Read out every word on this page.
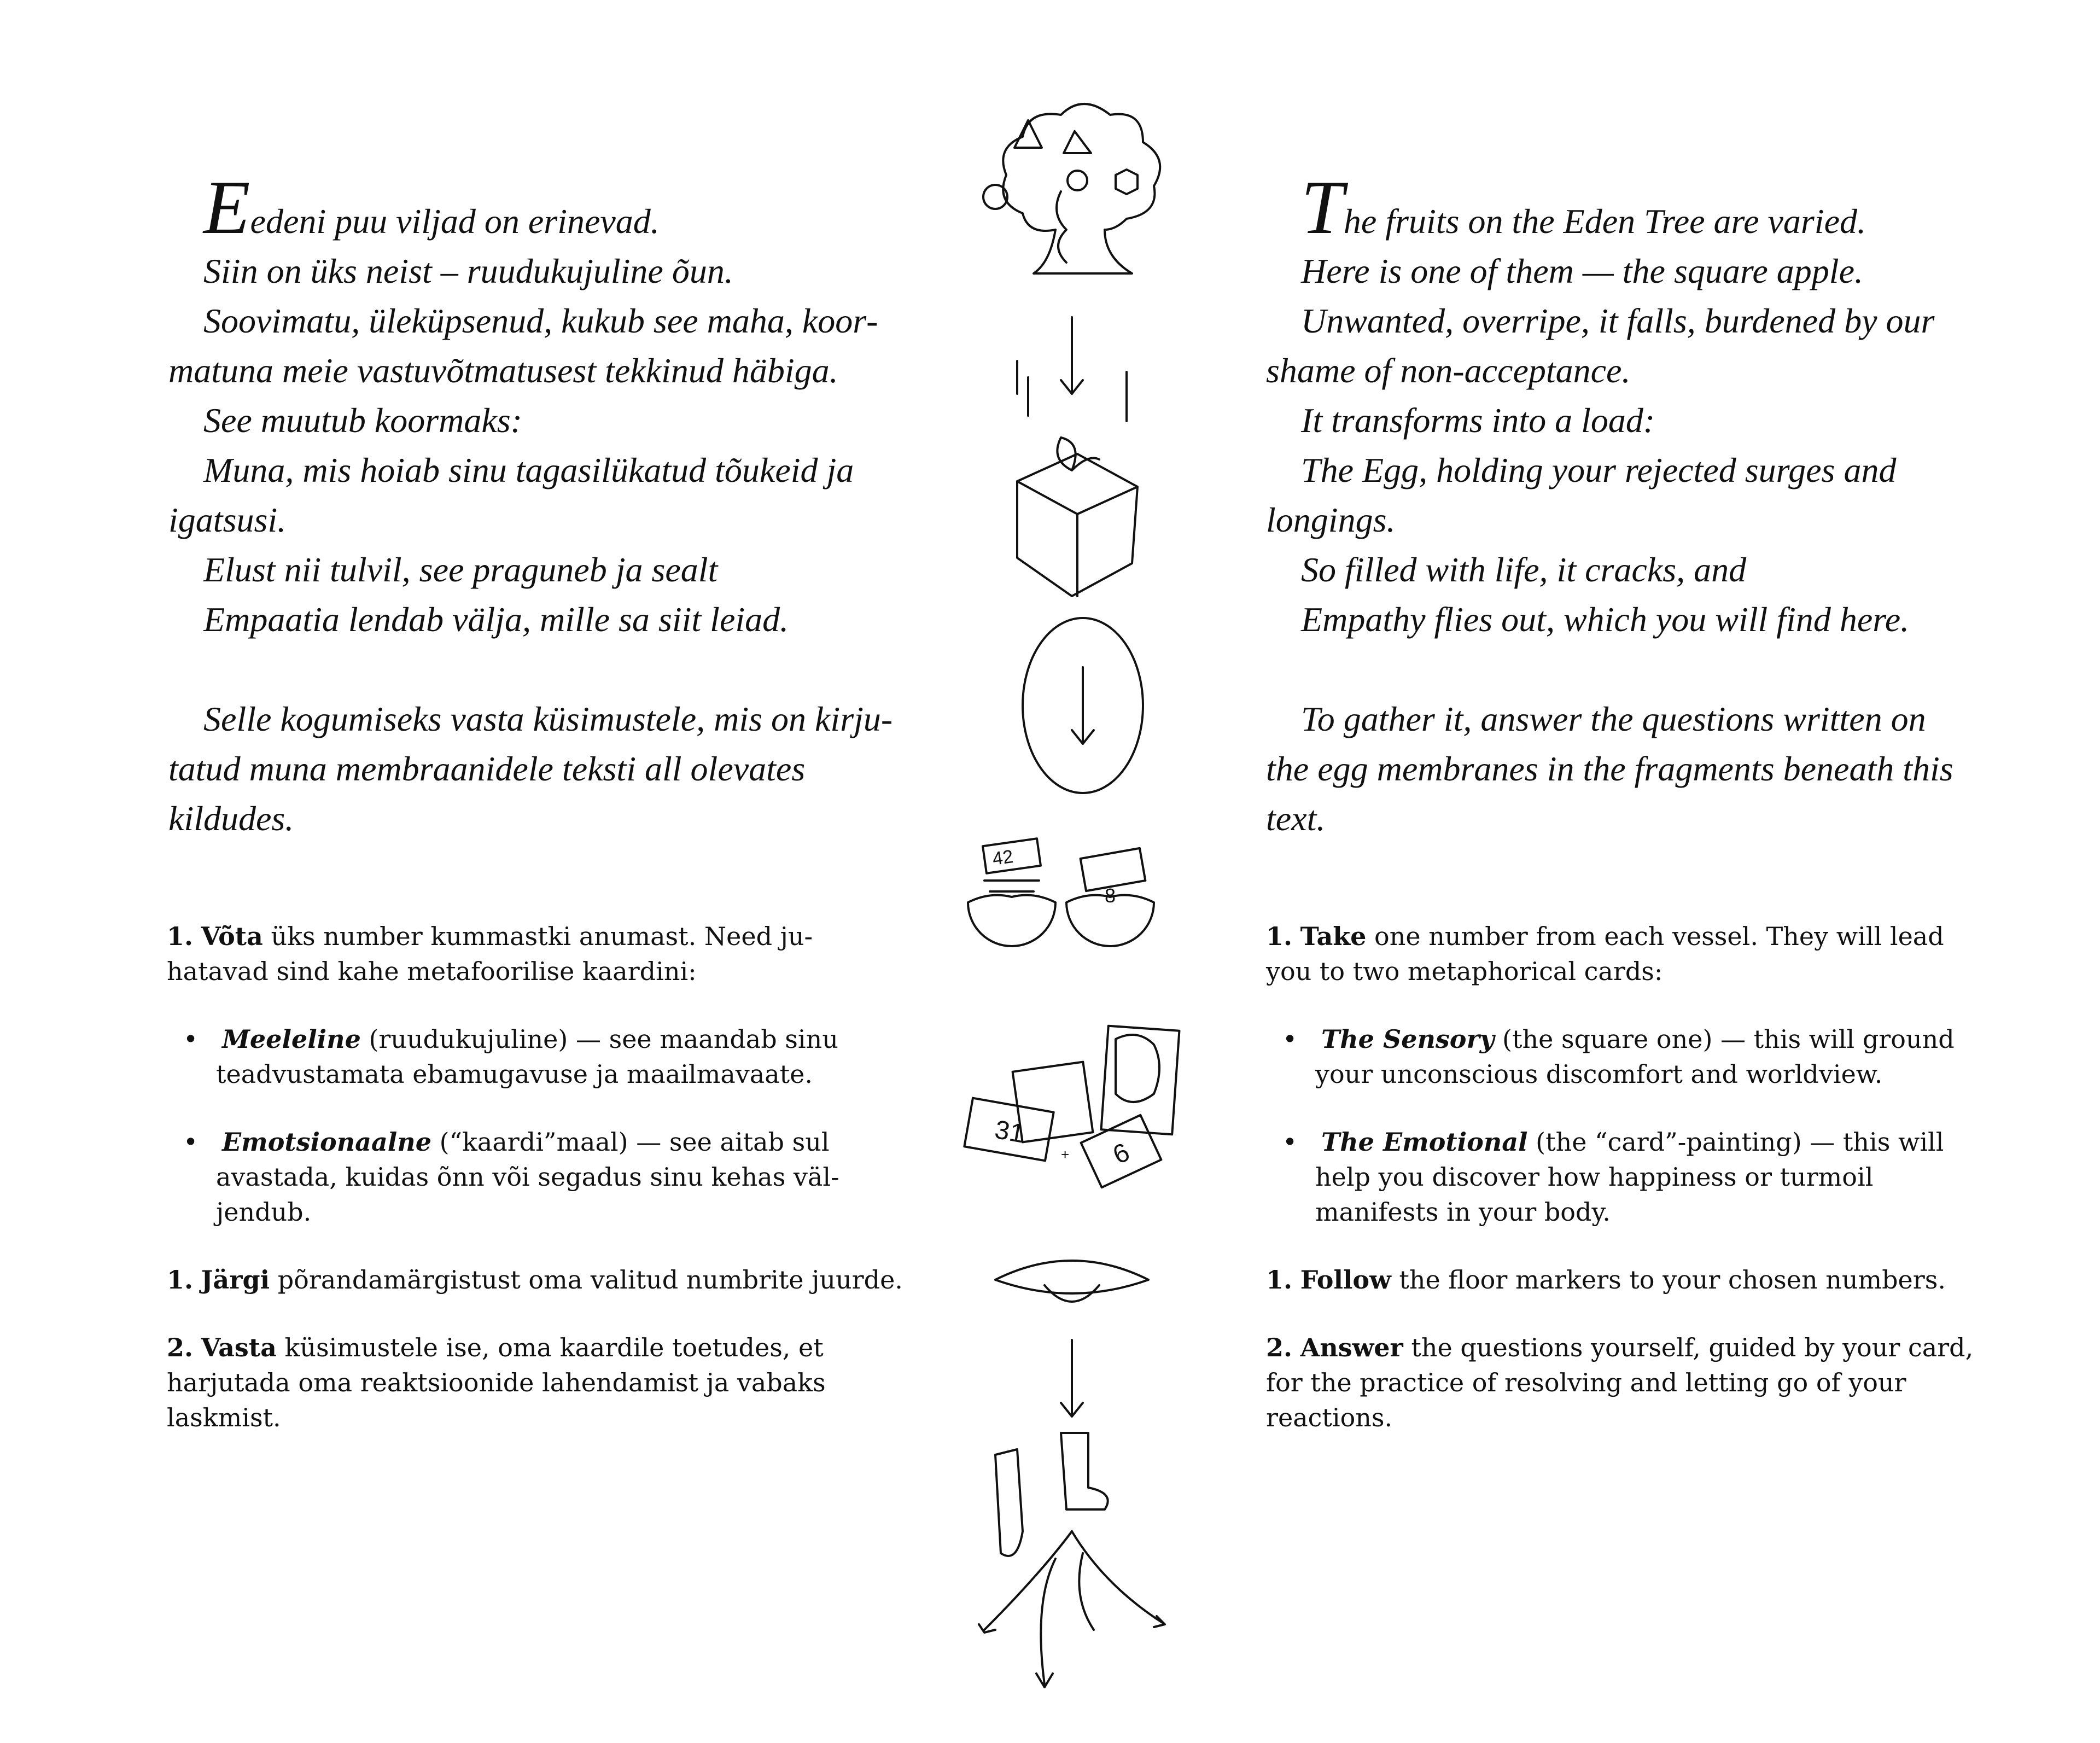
Eedeni puu viljad on erinevad.

Siin on üks neist – ruudukujuline õun.

Soovimatu, üleküpsenud, kukub see maha, koormatuna meie vastuvõtmatusest tekkinud häbiga.

See muutub koormaks:

Muna, mis hoiab sinu tagasilükatud tõukeid ja igatsusi.

Elust nii tulvil, see praguneb ja sealt

Empaatia lendab välja, mille sa siit leiad.

Selle kogumiseks vasta küsimustele, mis on kirjutatud muna membraanidele teksti all olevates kildudes.

1. Võta üks number kummastki anumast. Need juhatavad sind kahe metafoorilise kaardini:

•   Meeleline (ruudukujuline) — see maandab sinu teadvustamata ebamugavuse ja maailmavaate.

•   Emotsionaalne (“kaardi”maal) — see aitab sul avastada, kuidas õnn või segadus sinu kehas väljendub.

1. Järgi põrandamärgistust oma valitud numbrite juurde.

2. Vasta küsimustele ise, oma kaardile toetudes, et harjutada oma reaktsioonide lahendamist ja vabaks laskmist.

The fruits on the Eden Tree are varied.

Here is one of them — the square apple.

Unwanted, overripe, it falls, burdened by our shame of non-acceptance.

It transforms into a load:

The Egg, holding your rejected surges and longings.

So filled with life, it cracks, and

Empathy flies out, which you will find here.

To gather it, answer the questions written on the egg membranes in the fragments beneath this text.

1. Take one number from each vessel. They will lead you to two metaphorical cards:

•   The Sensory (the square one) — this will ground your unconscious discomfort and worldview.

•   The Emotional (the “card”-painting) — this will help you discover how happiness or turmoil manifests in your body.

1. Follow the floor markers to your chosen numbers.

2. Answer the questions yourself, guided by your card, for the practice of resolving and letting go of your reactions.

42
8
31
6
+
